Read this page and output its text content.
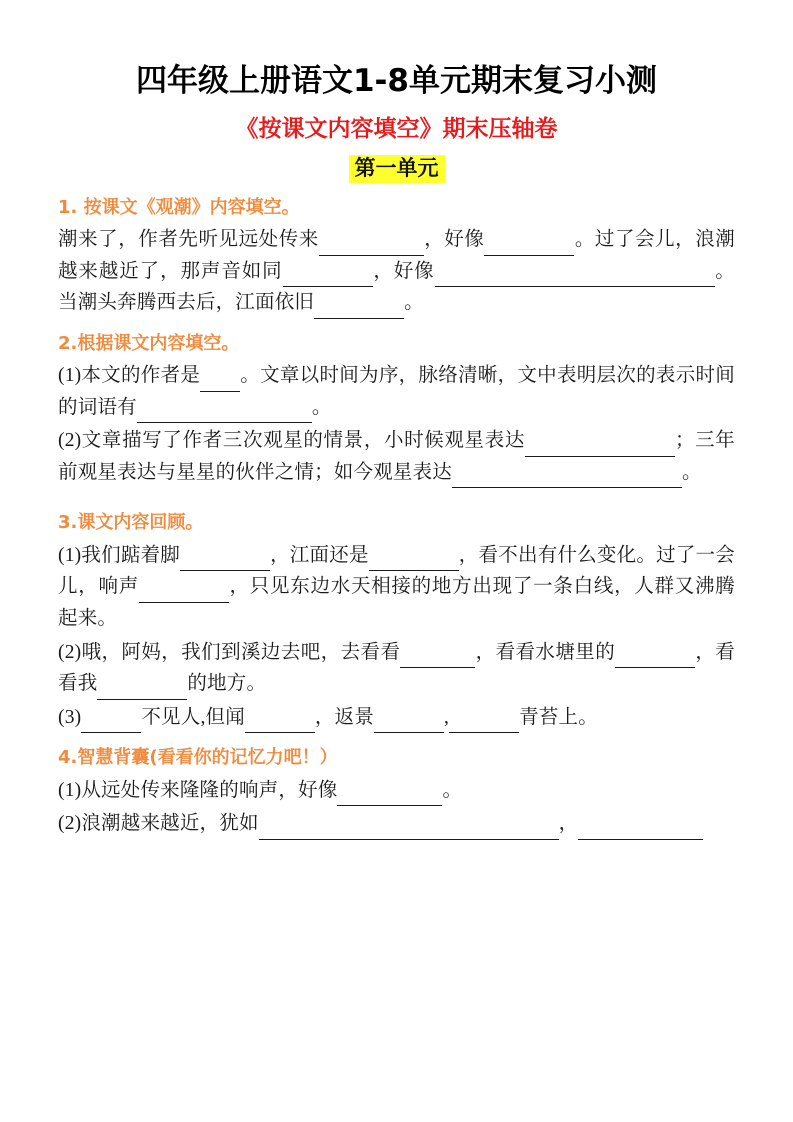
四年级上册语文1-8单元期末复习小测
《按课文内容填空》期末压轴卷
第一单元
1. 按课文《观潮》内容填空。

潮来了，作者先听见远处传来	，好像	。过了会儿，浪潮越来越近了，那声音如同	，好像	。当潮头奔腾西去后，江面依旧	。

2.根据课文内容填空。

(1)本文的作者是 。文章以时间为序，脉络清晰，文中表明层次的表示时间的词语有	。

(2)文章描写了作者三次观星的情景，小时候观星表达	；三年前观星表达与星星的伙伴之情；如今观星表达	。

3.课文内容回顾。

(1)我们踮着脚	，江面还是	，看不出有什么变化。过了一会儿，响声	，只见东边水天相接的地方出现了一条白线，人群又沸腾起来。

(2)哦，阿妈，我们到溪边去吧，去看看	，看看水塘里的	，看看我	的地方。

(3)	不见人,但闻	，返景	,	青苔上。

4.智慧背囊(看看你的记忆力吧！）

(1)从远处传来隆隆的响声，好像	。

(2)浪潮越来越近，犹如	，
